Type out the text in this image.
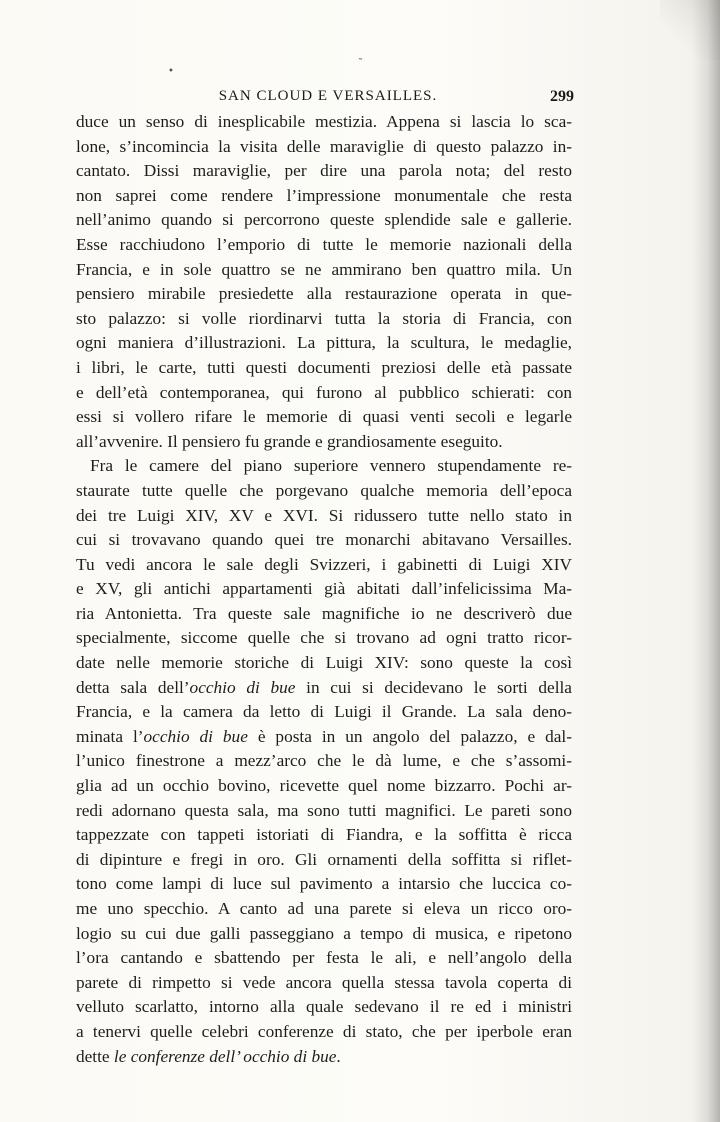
•
˜
SAN CLOUD E VERSAILLES.	299
duce un senso di inesplicabile mestizia. Appena si lascia lo sca-
lone, s’incomincia la visita delle maraviglie di questo palazzo in-
cantato. Dissi maraviglie, per dire una parola nota; del resto
non saprei come rendere l’impressione monumentale che resta
nell’animo quando si percorrono queste splendide sale e gallerie.
Esse racchiudono l’emporio di tutte le memorie nazionali della
Francia, e in sole quattro se ne ammirano ben quattro mila. Un
pensiero mirabile presiedette alla restaurazione operata in que-
sto palazzo: si volle riordinarvi tutta la storia di Francia, con
ogni maniera d’illustrazioni. La pittura, la scultura, le medaglie,
i libri, le carte, tutti questi documenti preziosi delle età passate
e dell’età contemporanea, qui furono al pubblico schierati: con
essi si vollero rifare le memorie di quasi venti secoli e legarle
all’avvenire. Il pensiero fu grande e grandiosamente eseguito.
Fra le camere del piano superiore vennero stupendamente re-
staurate tutte quelle che porgevano qualche memoria dell’epoca
dei tre Luigi XIV, XV e XVI. Si ridussero tutte nello stato in
cui si trovavano quando quei tre monarchi abitavano Versailles.
Tu vedi ancora le sale degli Svizzeri, i gabinetti di Luigi XIV
e XV, gli antichi appartamenti già abitati dall’infelicissima Ma-
ria Antonietta. Tra queste sale magnifiche io ne descriverò due
specialmente, siccome quelle che si trovano ad ogni tratto ricor-
date nelle memorie storiche di Luigi XIV: sono queste la così
detta sala dell’occhio di bue in cui si decidevano le sorti della
Francia, e la camera da letto di Luigi il Grande. La sala deno-
minata l’occhio di bue è posta in un angolo del palazzo, e dal-
l’unico finestrone a mezz’arco che le dà lume, e che s’assomi-
glia ad un occhio bovino, ricevette quel nome bizzarro. Pochi ar-
redi adornano questa sala, ma sono tutti magnifici. Le pareti sono
tappezzate con tappeti istoriati di Fiandra, e la soffitta è ricca
di dipinture e fregi in oro. Gli ornamenti della soffitta si riflet-
tono come lampi di luce sul pavimento a intarsio che luccica co-
me uno specchio. A canto ad una parete si eleva un ricco oro-
logio su cui due galli passeggiano a tempo di musica, e ripetono
l’ora cantando e sbattendo per festa le ali, e nell’angolo della
parete di rimpetto si vede ancora quella stessa tavola coperta di
velluto scarlatto, intorno alla quale sedevano il re ed i ministri
a tenervi quelle celebri conferenze di stato, che per iperbole eran
dette le conferenze dell’ occhio di bue.
